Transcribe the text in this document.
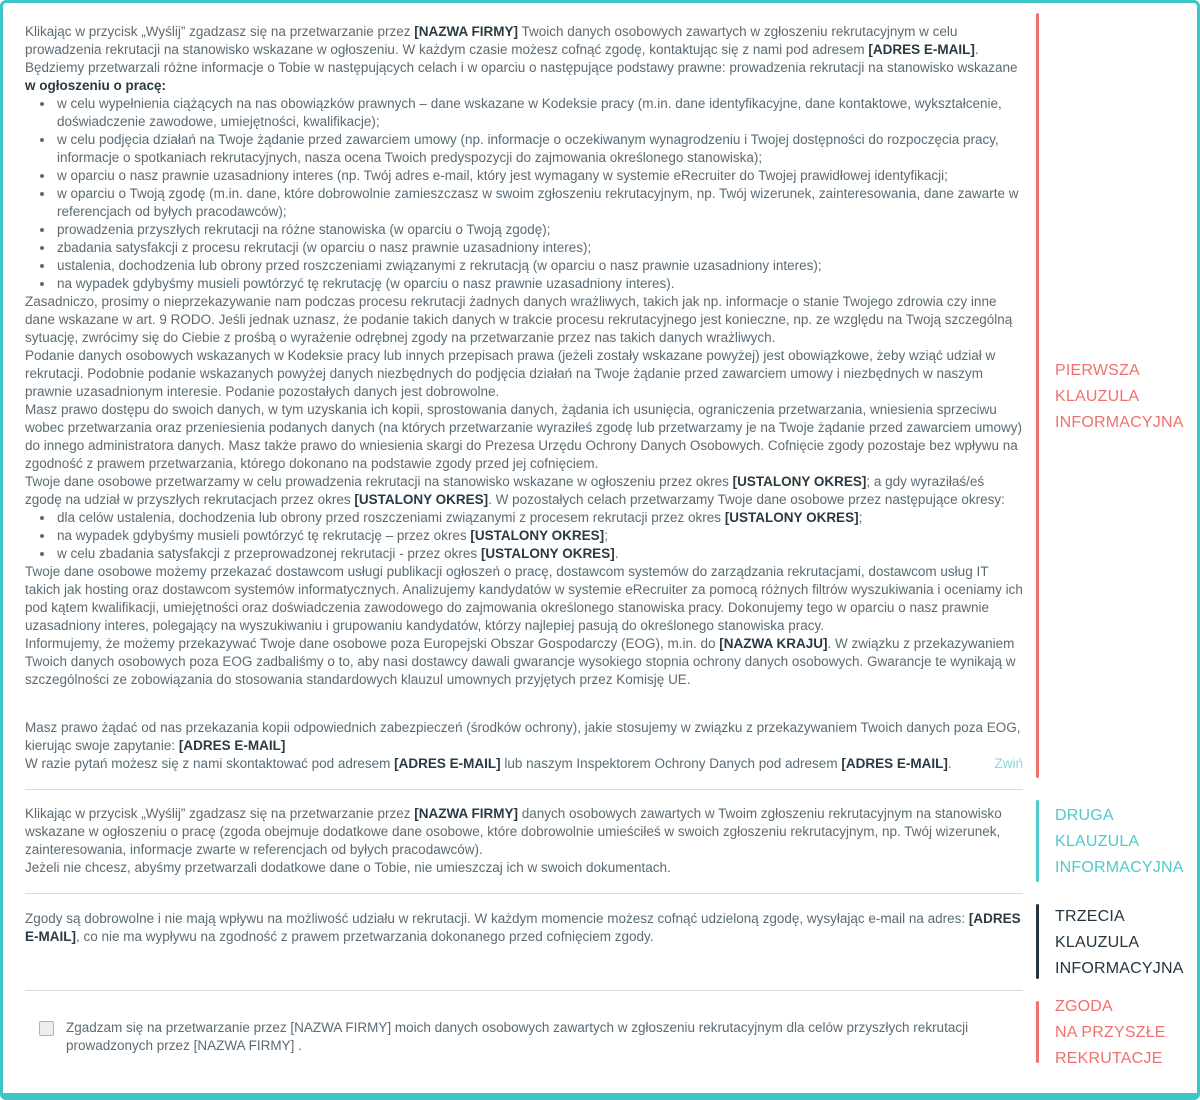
Klikając w przycisk „Wyślij” zgadzasz się na przetwarzanie przez [NAZWA FIRMY] Twoich danych osobowych zawartych w zgłoszeniu rekrutacyjnym w celu prowadzenia rekrutacji na stanowisko wskazane w ogłoszeniu. W każdym czasie możesz cofnąć zgodę, kontaktując się z nami pod adresem [ADRES E-MAIL].

Będziemy przetwarzali różne informacje o Tobie w następujących celach i w oparciu o następujące podstawy prawne: prowadzenia rekrutacji na stanowisko wskazane w ogłoszeniu o pracę:

• w celu wypełnienia ciążących na nas obowiązków prawnych – dane wskazane w Kodeksie pracy (m.in. dane identyfikacyjne, dane kontaktowe, wykształcenie, doświadczenie zawodowe, umiejętności, kwalifikacje);
• w celu podjęcia działań na Twoje żądanie przed zawarciem umowy (np. informacje o oczekiwanym wynagrodzeniu i Twojej dostępności do rozpoczęcia pracy, informacje o spotkaniach rekrutacyjnych, nasza ocena Twoich predyspozycji do zajmowania określonego stanowiska);
• w oparciu o nasz prawnie uzasadniony interes (np. Twój adres e-mail, który jest wymagany w systemie eRecruiter do Twojej prawidłowej identyfikacji;
• w oparciu o Twoją zgodę (m.in. dane, które dobrowolnie zamieszczasz w swoim zgłoszeniu rekrutacyjnym, np. Twój wizerunek, zainteresowania, dane zawarte w referencjach od byłych pracodawców);
• prowadzenia przyszłych rekrutacji na różne stanowiska (w oparciu o Twoją zgodę);
• zbadania satysfakcji z procesu rekrutacji (w oparciu o nasz prawnie uzasadniony interes);
• ustalenia, dochodzenia lub obrony przed roszczeniami związanymi z rekrutacją (w oparciu o nasz prawnie uzasadniony interes);
• na wypadek gdybyśmy musieli powtórzyć tę rekrutację (w oparciu o nasz prawnie uzasadniony interes).

Zasadniczo, prosimy o nieprzekazywanie nam podczas procesu rekrutacji żadnych danych wrażliwych, takich jak np. informacje o stanie Twojego zdrowia czy inne dane wskazane w art. 9 RODO. Jeśli jednak uznasz, że podanie takich danych w trakcie procesu rekrutacyjnego jest konieczne, np. ze względu na Twoją szczególną sytuację, zwrócimy się do Ciebie z prośbą o wyrażenie odrębnej zgody na przetwarzanie przez nas takich danych wrażliwych.

Podanie danych osobowych wskazanych w Kodeksie pracy lub innych przepisach prawa (jeżeli zostały wskazane powyżej) jest obowiązkowe, żeby wziąć udział w rekrutacji. Podobnie podanie wskazanych powyżej danych niezbędnych do podjęcia działań na Twoje żądanie przed zawarciem umowy i niezbędnych w naszym prawnie uzasadnionym interesie. Podanie pozostałych danych jest dobrowolne.

Masz prawo dostępu do swoich danych, w tym uzyskania ich kopii, sprostowania danych, żądania ich usunięcia, ograniczenia przetwarzania, wniesienia sprzeciwu wobec przetwarzania oraz przeniesienia podanych danych (na których przetwarzanie wyraziłeś zgodę lub przetwarzamy je na Twoje żądanie przed zawarciem umowy) do innego administratora danych. Masz także prawo do wniesienia skargi do Prezesa Urzędu Ochrony Danych Osobowych. Cofnięcie zgody pozostaje bez wpływu na zgodność z prawem przetwarzania, którego dokonano na podstawie zgody przed jej cofnięciem.

Twoje dane osobowe przetwarzamy w celu prowadzenia rekrutacji na stanowisko wskazane w ogłoszeniu przez okres [USTALONY OKRES]; a gdy wyraziłaś/eś zgodę na udział w przyszłych rekrutacjach przez okres [USTALONY OKRES]. W pozostałych celach przetwarzamy Twoje dane osobowe przez następujące okresy:

• dla celów ustalenia, dochodzenia lub obrony przed roszczeniami związanymi z procesem rekrutacji przez okres [USTALONY OKRES];
• na wypadek gdybyśmy musieli powtórzyć tę rekrutację – przez okres [USTALONY OKRES];
• w celu zbadania satysfakcji z przeprowadzonej rekrutacji - przez okres [USTALONY OKRES].

Twoje dane osobowe możemy przekazać dostawcom usługi publikacji ogłoszeń o pracę, dostawcom systemów do zarządzania rekrutacjami, dostawcom usług IT takich jak hosting oraz dostawcom systemów informatycznych. Analizujemy kandydatów w systemie eRecruiter za pomocą różnych filtrów wyszukiwania i oceniamy ich pod kątem kwalifikacji, umiejętności oraz doświadczenia zawodowego do zajmowania określonego stanowiska pracy. Dokonujemy tego w oparciu o nasz prawnie uzasadniony interes, polegający na wyszukiwaniu i grupowaniu kandydatów, którzy najlepiej pasują do określonego stanowiska pracy.

Informujemy, że możemy przekazywać Twoje dane osobowe poza Europejski Obszar Gospodarczy (EOG), m.in. do [NAZWA KRAJU]. W związku z przekazywaniem Twoich danych osobowych poza EOG zadbaliśmy o to, aby nasi dostawcy dawali gwarancje wysokiego stopnia ochrony danych osobowych. Gwarancje te wynikają w szczególności ze zobowiązania do stosowania standardowych klauzul umownych przyjętych przez Komisję UE.

Masz prawo żądać od nas przekazania kopii odpowiednich zabezpieczeń (środków ochrony), jakie stosujemy w związku z przekazywaniem Twoich danych poza EOG, kierując swoje zapytanie: [ADRES E-MAIL]

W razie pytań możesz się z nami skontaktować pod adresem [ADRES E-MAIL] lub naszym Inspektorem Ochrony Danych pod adresem [ADRES E-MAIL].	Zwiń
PIERWSZA
KLAUZULA
INFORMACYJNA

Klikając w przycisk „Wyślij” zgadzasz się na przetwarzanie przez [NAZWA FIRMY] danych osobowych zawartych w Twoim zgłoszeniu rekrutacyjnym na stanowisko wskazane w ogłoszeniu o pracę (zgoda obejmuje dodatkowe dane osobowe, które dobrowolnie umieściłeś w swoich zgłoszeniu rekrutacyjnym, np. Twój wizerunek, zainteresowania, informacje zwarte w referencjach od byłych pracodawców).

Jeżeli nie chcesz, abyśmy przetwarzali dodatkowe dane o Tobie, nie umieszczaj ich w swoich dokumentach.

DRUGA
KLAUZULA
INFORMACYJNA

Zgody są dobrowolne i nie mają wpływu na możliwość udziału w rekrutacji. W każdym momencie możesz cofnąć udzieloną zgodę, wysyłając e-mail na adres: [ADRES E-MAIL], co nie ma wypływu na zgodność z prawem przetwarzania dokonanego przed cofnięciem zgody.

TRZECIA
KLAUZULA
INFORMACYJNA

Zgadzam się na przetwarzanie przez [NAZWA FIRMY] moich danych osobowych zawartych w zgłoszeniu rekrutacyjnym dla celów przyszłych rekrutacji prowadzonych przez [NAZWA FIRMY] .

ZGODA
NA PRZYSZŁE
REKRUTACJE
